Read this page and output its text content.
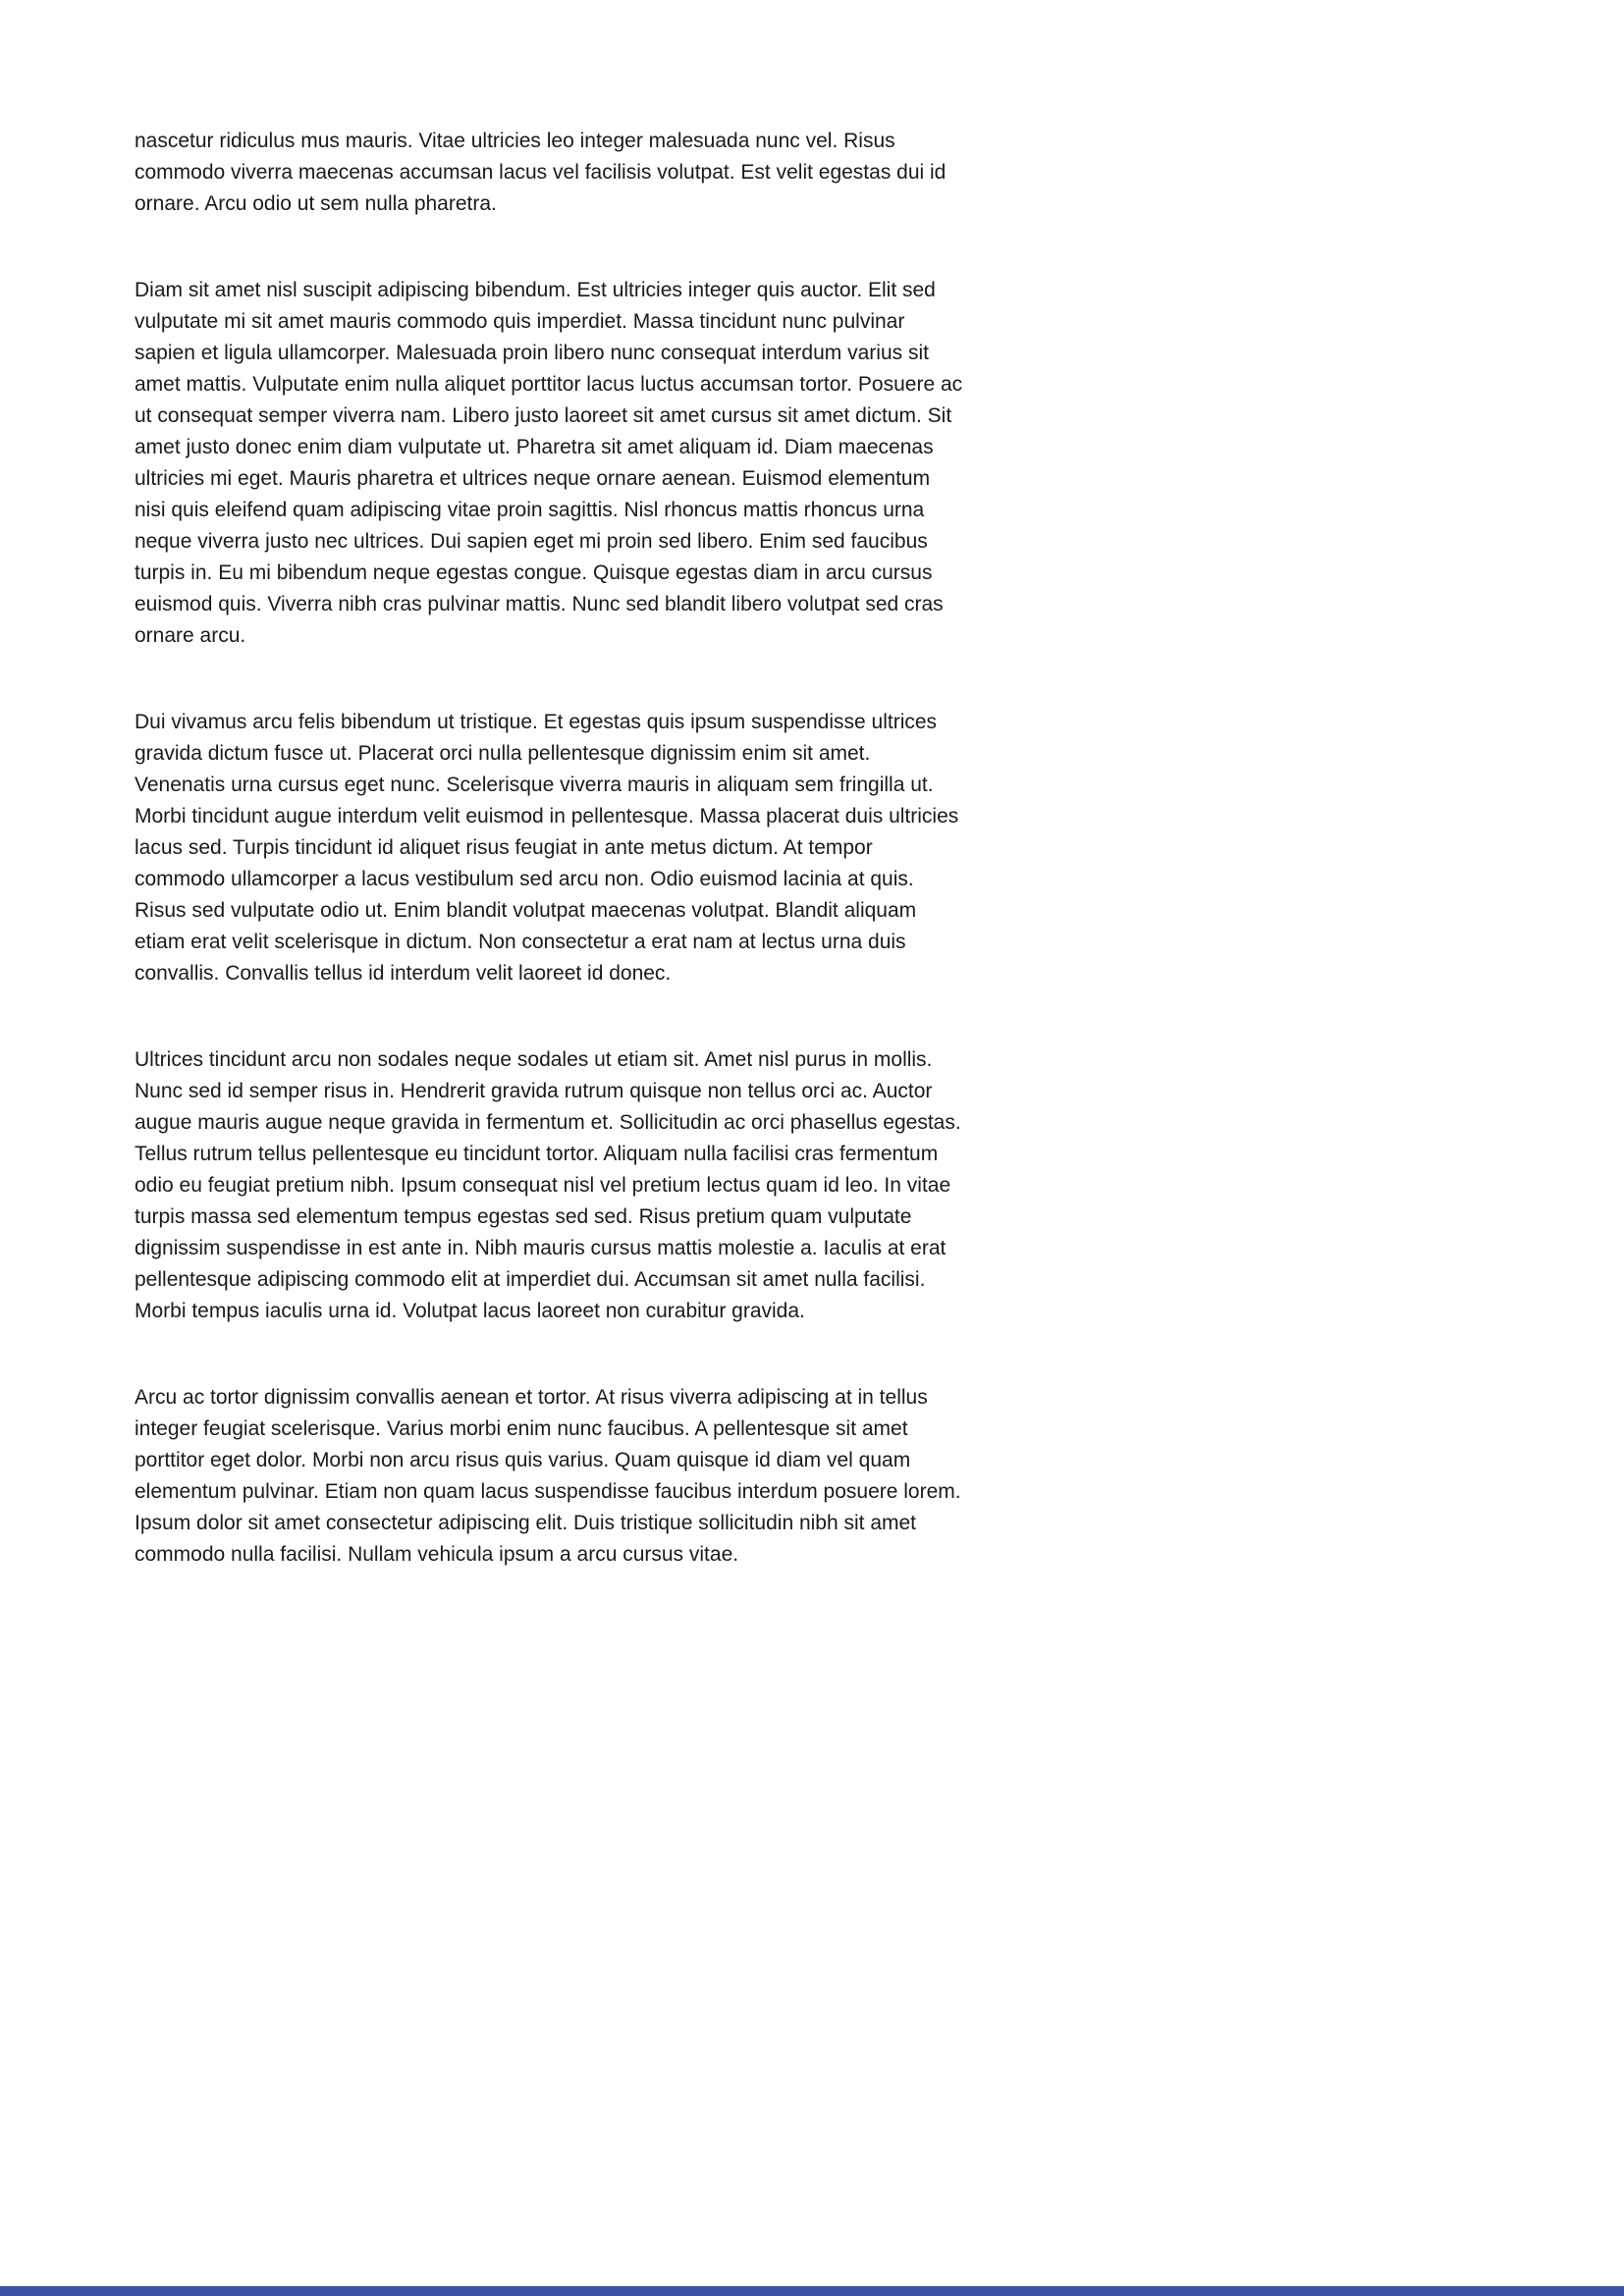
nascetur ridiculus mus mauris. Vitae ultricies leo integer malesuada nunc vel. Risus commodo viverra maecenas accumsan lacus vel facilisis volutpat. Est velit egestas dui id ornare. Arcu odio ut sem nulla pharetra.

Diam sit amet nisl suscipit adipiscing bibendum. Est ultricies integer quis auctor. Elit sed vulputate mi sit amet mauris commodo quis imperdiet. Massa tincidunt nunc pulvinar sapien et ligula ullamcorper. Malesuada proin libero nunc consequat interdum varius sit amet mattis. Vulputate enim nulla aliquet porttitor lacus luctus accumsan tortor. Posuere ac ut consequat semper viverra nam. Libero justo laoreet sit amet cursus sit amet dictum. Sit amet justo donec enim diam vulputate ut. Pharetra sit amet aliquam id. Diam maecenas ultricies mi eget. Mauris pharetra et ultrices neque ornare aenean. Euismod elementum nisi quis eleifend quam adipiscing vitae proin sagittis. Nisl rhoncus mattis rhoncus urna neque viverra justo nec ultrices. Dui sapien eget mi proin sed libero. Enim sed faucibus turpis in. Eu mi bibendum neque egestas congue. Quisque egestas diam in arcu cursus euismod quis. Viverra nibh cras pulvinar mattis. Nunc sed blandit libero volutpat sed cras ornare arcu.

Dui vivamus arcu felis bibendum ut tristique. Et egestas quis ipsum suspendisse ultrices gravida dictum fusce ut. Placerat orci nulla pellentesque dignissim enim sit amet. Venenatis urna cursus eget nunc. Scelerisque viverra mauris in aliquam sem fringilla ut. Morbi tincidunt augue interdum velit euismod in pellentesque. Massa placerat duis ultricies lacus sed. Turpis tincidunt id aliquet risus feugiat in ante metus dictum. At tempor commodo ullamcorper a lacus vestibulum sed arcu non. Odio euismod lacinia at quis. Risus sed vulputate odio ut. Enim blandit volutpat maecenas volutpat. Blandit aliquam etiam erat velit scelerisque in dictum. Non consectetur a erat nam at lectus urna duis convallis. Convallis tellus id interdum velit laoreet id donec.

Ultrices tincidunt arcu non sodales neque sodales ut etiam sit. Amet nisl purus in mollis. Nunc sed id semper risus in. Hendrerit gravida rutrum quisque non tellus orci ac. Auctor augue mauris augue neque gravida in fermentum et. Sollicitudin ac orci phasellus egestas. Tellus rutrum tellus pellentesque eu tincidunt tortor. Aliquam nulla facilisi cras fermentum odio eu feugiat pretium nibh. Ipsum consequat nisl vel pretium lectus quam id leo. In vitae turpis massa sed elementum tempus egestas sed sed. Risus pretium quam vulputate dignissim suspendisse in est ante in. Nibh mauris cursus mattis molestie a. Iaculis at erat pellentesque adipiscing commodo elit at imperdiet dui. Accumsan sit amet nulla facilisi. Morbi tempus iaculis urna id. Volutpat lacus laoreet non curabitur gravida.

Arcu ac tortor dignissim convallis aenean et tortor. At risus viverra adipiscing at in tellus integer feugiat scelerisque. Varius morbi enim nunc faucibus. A pellentesque sit amet porttitor eget dolor. Morbi non arcu risus quis varius. Quam quisque id diam vel quam elementum pulvinar. Etiam non quam lacus suspendisse faucibus interdum posuere lorem. Ipsum dolor sit amet consectetur adipiscing elit. Duis tristique sollicitudin nibh sit amet commodo nulla facilisi. Nullam vehicula ipsum a arcu cursus vitae.
